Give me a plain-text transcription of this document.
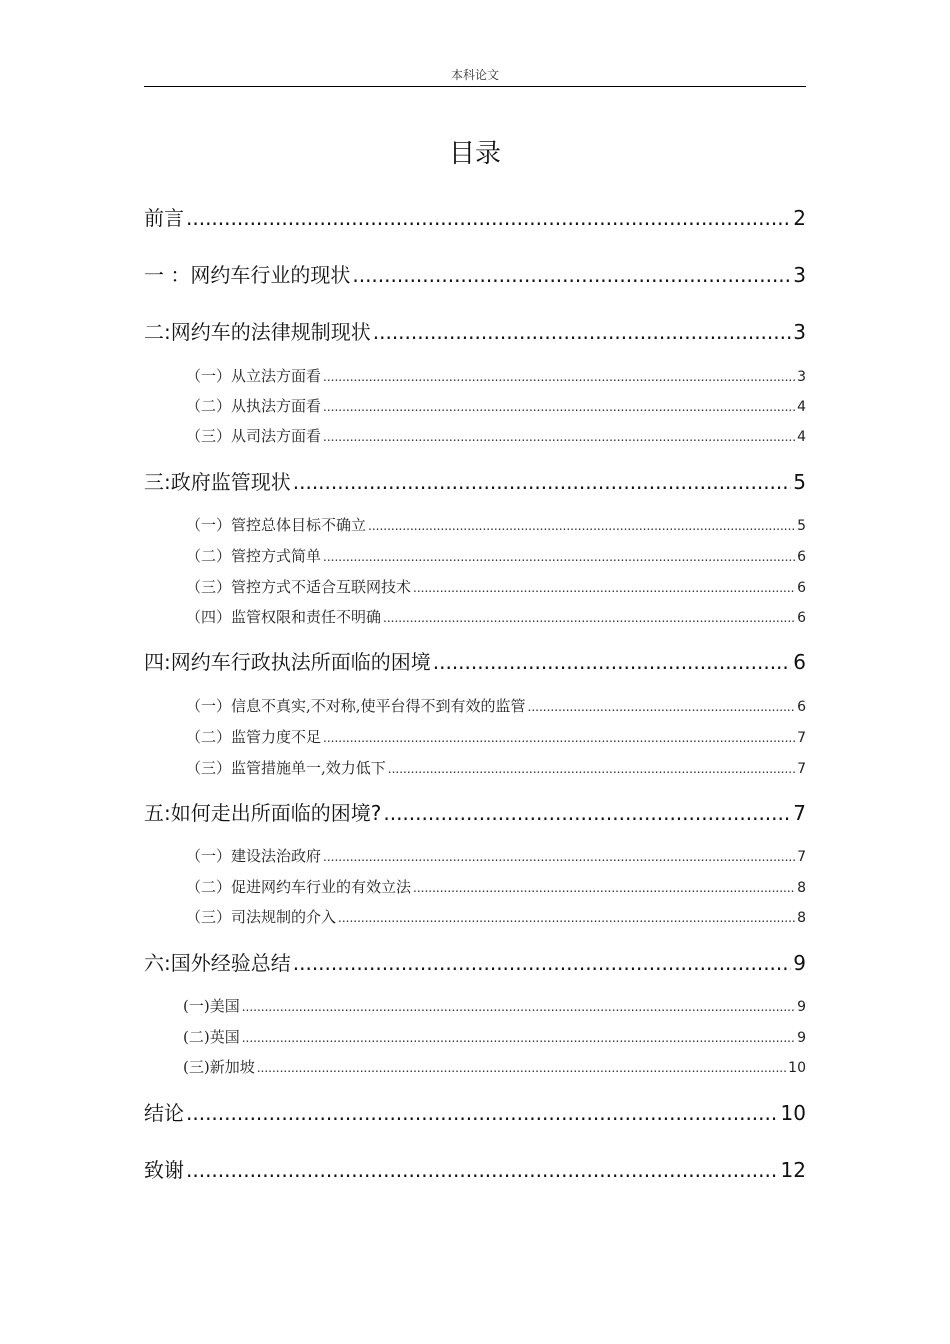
本科论文
目录
前言 .....	2
一 ：网约车行业的现状 .....	3
二:网约车的法律规制现状 .....	3
（一）从立法方面看 .....	3
（二）从执法方面看 .....	4
（三）从司法方面看 .....	4
三:政府监管现状 .....	5
（一）管控总体目标不确立 .....	5
（二）管控方式简单 .....	6
（三）管控方式不适合互联网技术 .....	6
（四）监管权限和责任不明确 .....	6
四:网约车行政执法所面临的困境 .....	6
（一）信息不真实,不对称,使平台得不到有效的监管 .....	6
（二）监管力度不足 .....	7
（三）监管措施单一,效力低下 .....	7
五:如何走出所面临的困境? .....	7
（一）建设法治政府 .....	7
（二）促进网约车行业的有效立法 .....	8
（三）司法规制的介入 .....	8
六:国外经验总结 .....	9
(一)美国 .....	9
(二)英国 .....	9
(三)新加坡 .....	10
结论 .....	10
致谢 .....	12
